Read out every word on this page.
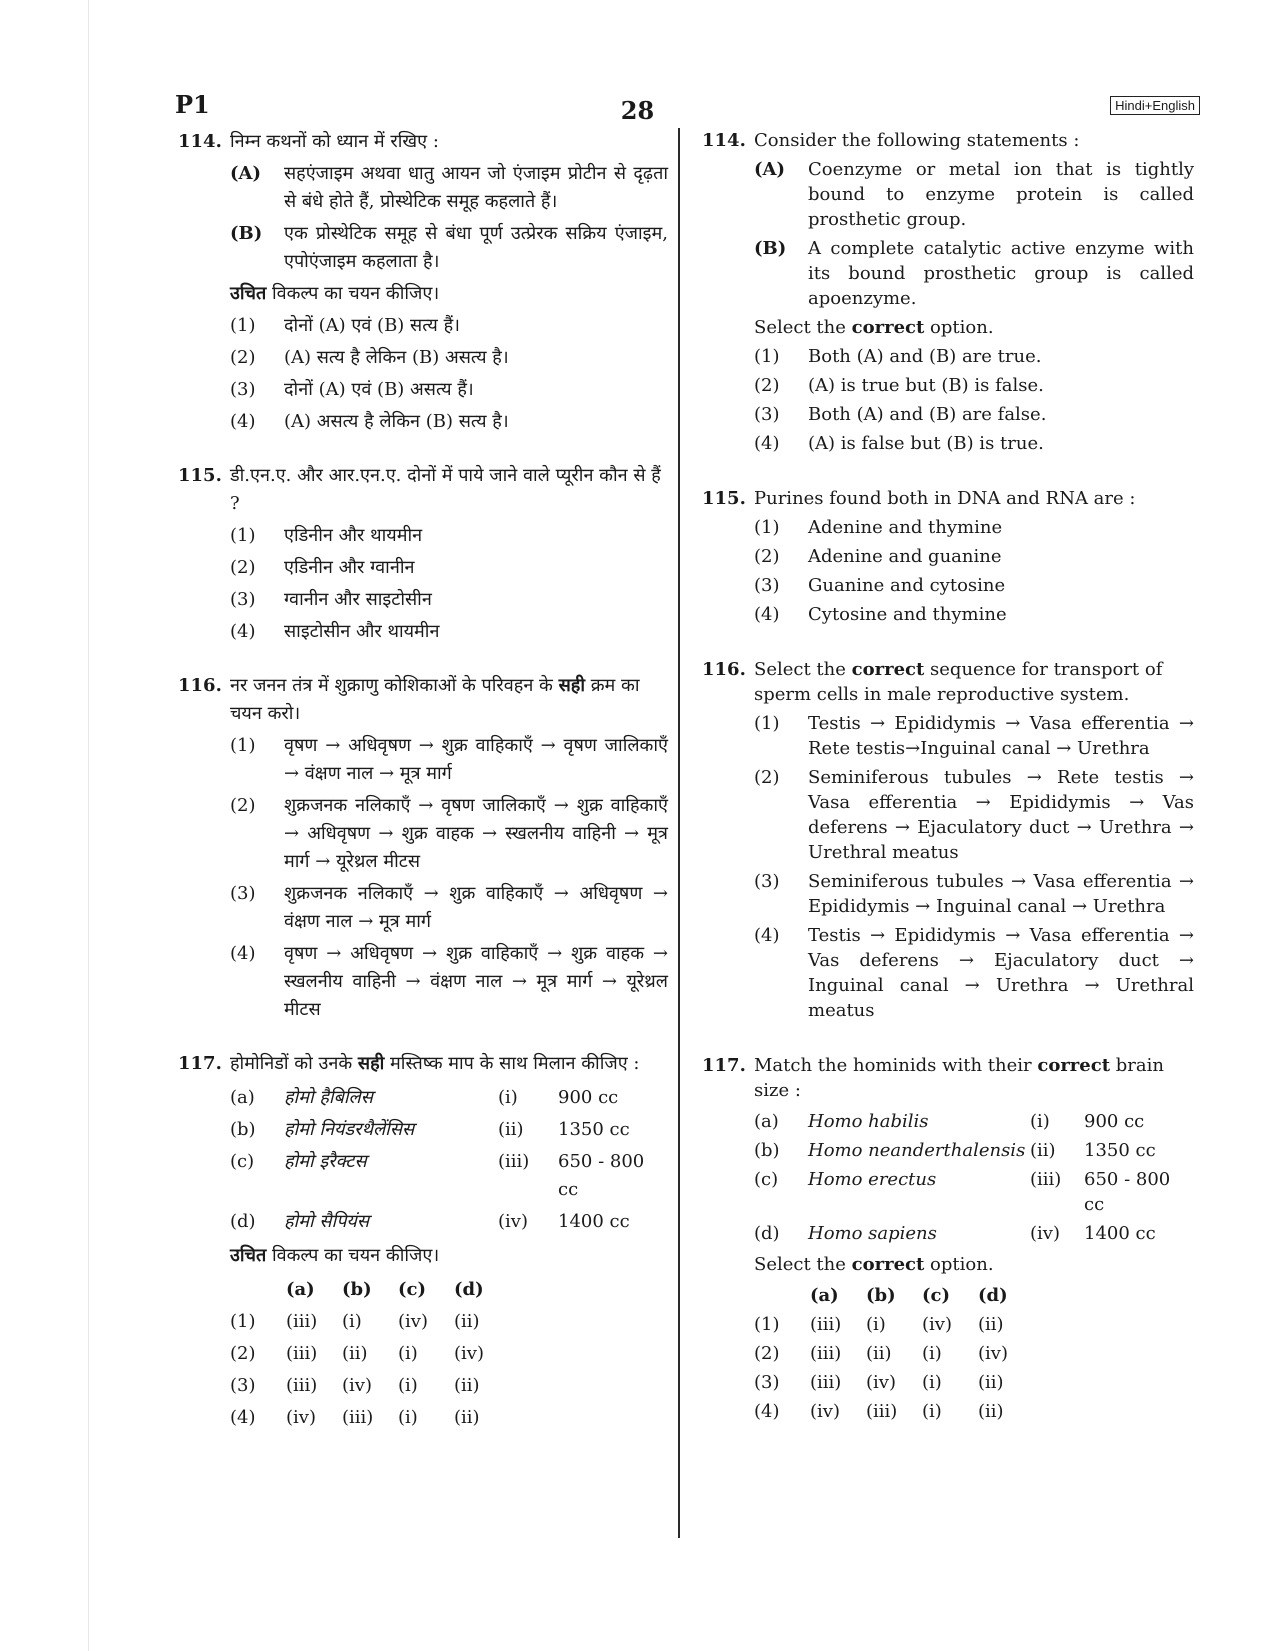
P1	28	Hindi+English
114. निम्न कथनों को ध्यान में रखिए :
(A)	सहएंजाइम अथवा धातु आयन जो एंजाइम प्रोटीन से दृढ़ता से बंधे होते हैं, प्रोस्थेटिक समूह कहलाते हैं।
(B)	एक प्रोस्थेटिक समूह से बंधा पूर्ण उत्प्रेरक सक्रिय एंजाइम, एपोएंजाइम कहलाता है।
उचित विकल्प का चयन कीजिए।
(1)	दोनों (A) एवं (B) सत्य हैं।
(2)	(A) सत्य है लेकिन (B) असत्य है।
(3)	दोनों (A) एवं (B) असत्य हैं।
(4)	(A) असत्य है लेकिन (B) सत्य है।
115. डी.एन.ए. और आर.एन.ए. दोनों में पाये जाने वाले प्यूरीन कौन से हैं ?
(1)	एडिनीन और थायमीन
(2)	एडिनीन और ग्वानीन
(3)	ग्वानीन और साइटोसीन
(4)	साइटोसीन और थायमीन
116. नर जनन तंत्र में शुक्राणु कोशिकाओं के परिवहन के सही क्रम का चयन करो।
(1)	वृषण → अधिवृषण → शुक्र वाहिकाएँ → वृषण जालिकाएँ → वंक्षण नाल → मूत्र मार्ग
(2)	शुक्रजनक नलिकाएँ → वृषण जालिकाएँ → शुक्र वाहिकाएँ → अधिवृषण → शुक्र वाहक → स्खलनीय वाहिनी → मूत्र मार्ग → यूरेथ्रल मीटस
(3)	शुक्रजनक नलिकाएँ → शुक्र वाहिकाएँ → अधिवृषण → वंक्षण नाल → मूत्र मार्ग
(4)	वृषण → अधिवृषण → शुक्र वाहिकाएँ → शुक्र वाहक → स्खलनीय वाहिनी → वंक्षण नाल → मूत्र मार्ग → यूरेथ्रल मीटस
117. होमोनिडों को उनके सही मस्तिष्क माप के साथ मिलान कीजिए :
(a)	होमो हैबिलिस	(i)	900 cc
(b)	होमो नियंडरथैलेंसिस	(ii)	1350 cc
(c)	होमो इरैक्टस	(iii)	650 - 800 cc
(d)	होमो सैपियंस	(iv)	1400 cc
उचित विकल्प का चयन कीजिए।
	(a)	(b)	(c)	(d)
(1)	(iii)	(i)	(iv)	(ii)
(2)	(iii)	(ii)	(i)	(iv)
(3)	(iii)	(iv)	(i)	(ii)
(4)	(iv)	(iii)	(i)	(ii)
114. Consider the following statements :
(A)	Coenzyme or metal ion that is tightly bound to enzyme protein is called prosthetic group.
(B)	A complete catalytic active enzyme with its bound prosthetic group is called apoenzyme.
Select the correct option.
(1)	Both (A) and (B) are true.
(2)	(A) is true but (B) is false.
(3)	Both (A) and (B) are false.
(4)	(A) is false but (B) is true.
115. Purines found both in DNA and RNA are :
(1)	Adenine and thymine
(2)	Adenine and guanine
(3)	Guanine and cytosine
(4)	Cytosine and thymine
116. Select the correct sequence for transport of sperm cells in male reproductive system.
(1)	Testis → Epididymis → Vasa efferentia → Rete testis→Inguinal canal → Urethra
(2)	Seminiferous tubules → Rete testis → Vasa efferentia → Epididymis → Vas deferens → Ejaculatory duct → Urethra → Urethral meatus
(3)	Seminiferous tubules → Vasa efferentia → Epididymis → Inguinal canal → Urethra
(4)	Testis → Epididymis → Vasa efferentia → Vas deferens → Ejaculatory duct → Inguinal canal → Urethra → Urethral meatus
117. Match the hominids with their correct brain size :
(a)	Homo habilis	(i)	900 cc
(b)	Homo neanderthalensis	(ii)	1350 cc
(c)	Homo erectus	(iii)	650 - 800 cc
(d)	Homo sapiens	(iv)	1400 cc
Select the correct option.
	(a)	(b)	(c)	(d)
(1)	(iii)	(i)	(iv)	(ii)
(2)	(iii)	(ii)	(i)	(iv)
(3)	(iii)	(iv)	(i)	(ii)
(4)	(iv)	(iii)	(i)	(ii)
